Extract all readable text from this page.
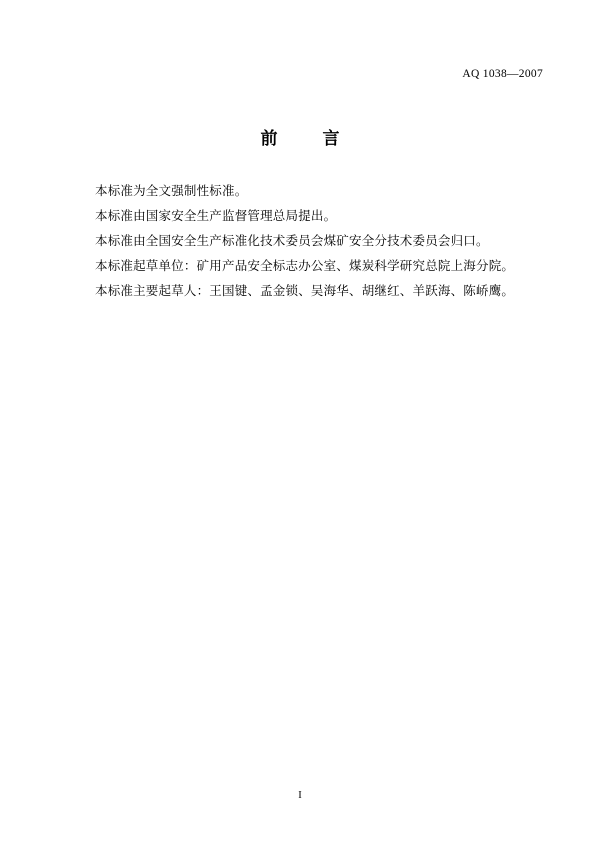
AQ 1038—2007
前　言
本标准为全文强制性标准。
本标准由国家安全生产监督管理总局提出。
本标准由全国安全生产标准化技术委员会煤矿安全分技术委员会归口。
本标准起草单位：矿用产品安全标志办公室、煤炭科学研究总院上海分院。
本标准主要起草人：王国键、孟金锁、吴海华、胡继红、羊跃海、陈峤鹰。
I
